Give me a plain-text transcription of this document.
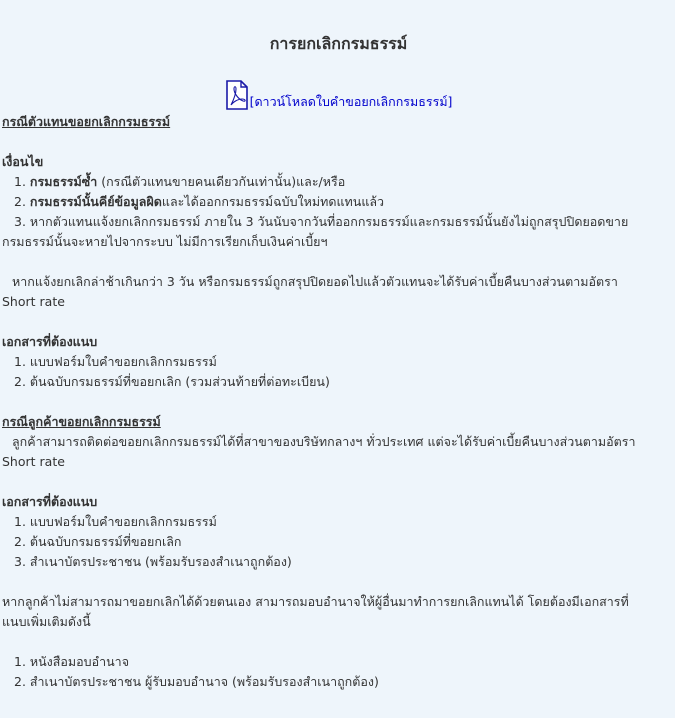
การยกเลิกกรมธรรม์
[ดาวน์โหลดใบคำขอยกเลิกกรมธรรม์]
กรณีตัวแทนขอยกเลิกกรมธรรม์
เงื่อนไข
1. กรมธรรม์ซ้ำ (กรณีตัวแทนขายคนเดียวกันเท่านั้น)และ/หรือ
2. กรมธรรม์นั้นคีย์ข้อมูลผิดและได้ออกกรมธรรม์ฉบับใหม่ทดแทนแล้ว
3. หากตัวแทนแจ้งยกเลิกกรมธรรม์ ภายใน 3 วันนับจากวันที่ออกกรมธรรม์และกรมธรรม์นั้นยังไม่ถูกสรุปปิดยอดขาย
กรมธรรม์นั้นจะหายไปจากระบบ ไม่มีการเรียกเก็บเงินค่าเบี้ยฯ
หากแจ้งยกเลิกล่าช้าเกินกว่า 3 วัน หรือกรมธรรม์ถูกสรุปปิดยอดไปแล้วตัวแทนจะได้รับค่าเบี้ยคืนบางส่วนตามอัตรา
Short rate
เอกสารที่ต้องแนบ
1. แบบฟอร์มใบคำขอยกเลิกกรมธรรม์
2. ต้นฉบับกรมธรรม์ที่ขอยกเลิก (รวมส่วนท้ายที่ต่อทะเบียน)
กรณีลูกค้าขอยกเลิกกรมธรรม์
ลูกค้าสามารถติดต่อขอยกเลิกกรมธรรม์ได้ที่สาขาของบริษัทกลางฯ ทั่วประเทศ แต่จะได้รับค่าเบี้ยคืนบางส่วนตามอัตรา
Short rate
เอกสารที่ต้องแนบ
1. แบบฟอร์มใบคำขอยกเลิกกรมธรรม์
2. ต้นฉบับกรมธรรม์ที่ขอยกเลิก
3. สำเนาบัตรประชาชน (พร้อมรับรองสำเนาถูกต้อง)
หากลูกค้าไม่สามารถมาขอยกเลิกได้ด้วยตนเอง สามารถมอบอำนาจให้ผู้อื่นมาทำการยกเลิกแทนได้ โดยต้องมีเอกสารที่
แนบเพิ่มเติมดังนี้
1. หนังสือมอบอำนาจ
2. สำเนาบัตรประชาชน ผู้รับมอบอำนาจ (พร้อมรับรองสำเนาถูกต้อง)
